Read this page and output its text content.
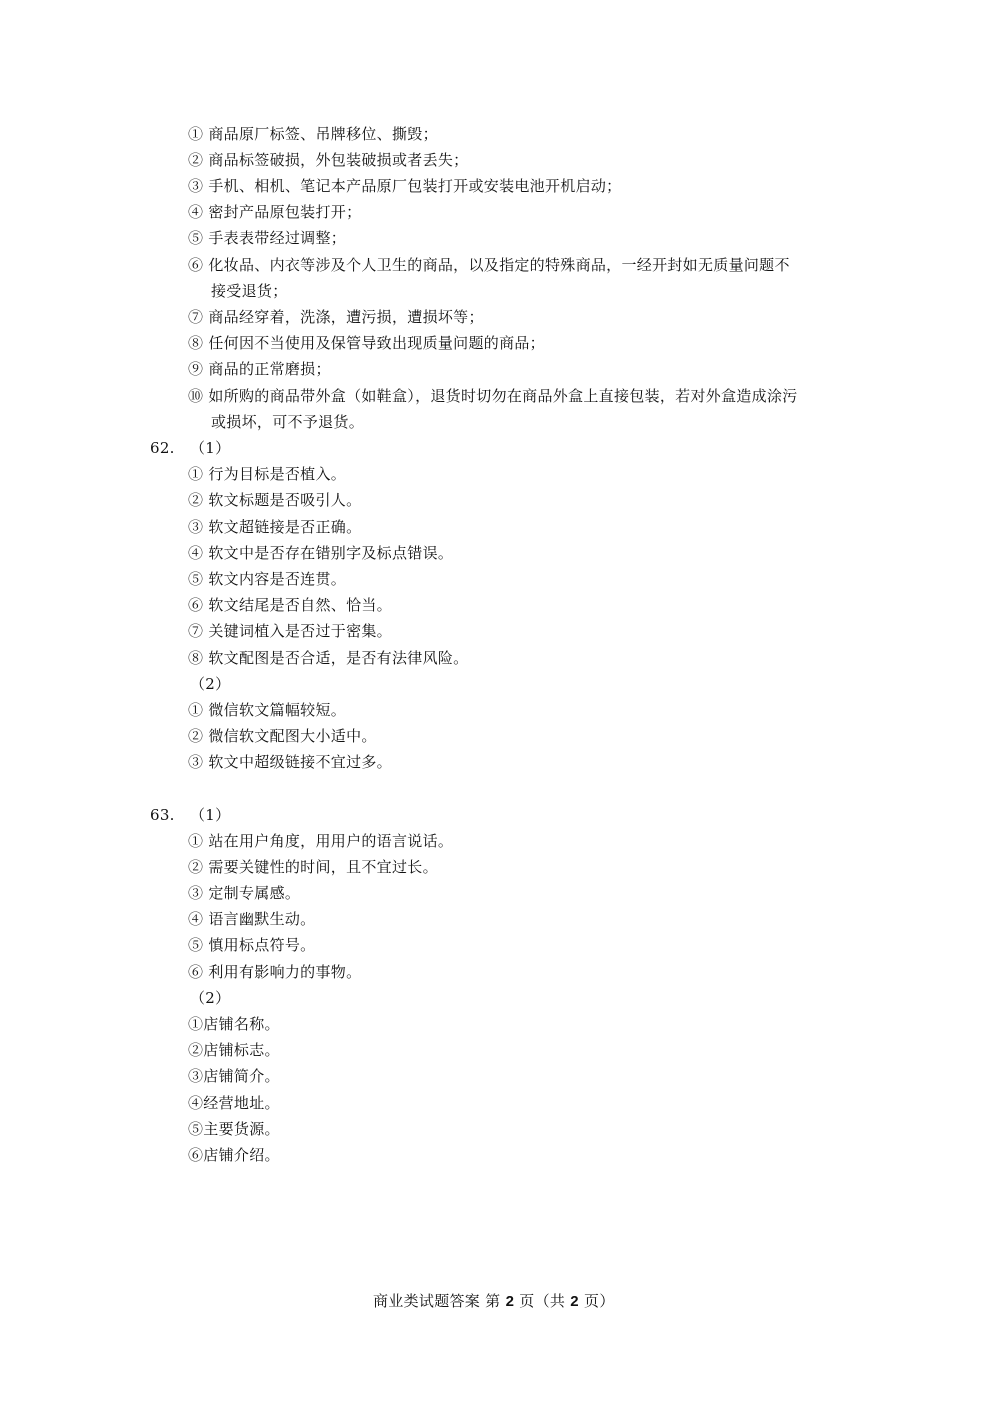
① 商品原厂标签、吊牌移位、撕毁；
② 商品标签破损，外包装破损或者丢失；
③ 手机、相机、笔记本产品原厂包装打开或安装电池开机启动；
④ 密封产品原包装打开；
⑤ 手表表带经过调整；
⑥ 化妆品、内衣等涉及个人卫生的商品，以及指定的特殊商品，一经开封如无质量问题不
接受退货；
⑦ 商品经穿着，洗涤，遭污损，遭损坏等；
⑧ 任何因不当使用及保管导致出现质量问题的商品；
⑨ 商品的正常磨损；
⑩ 如所购的商品带外盒（如鞋盒），退货时切勿在商品外盒上直接包装，若对外盒造成涂污
或损坏，可不予退货。
62. （1）
① 行为目标是否植入。
② 软文标题是否吸引人。
③ 软文超链接是否正确。
④ 软文中是否存在错别字及标点错误。
⑤ 软文内容是否连贯。
⑥ 软文结尾是否自然、恰当。
⑦ 关键词植入是否过于密集。
⑧ 软文配图是否合适，是否有法律风险。
（2）
① 微信软文篇幅较短。
② 微信软文配图大小适中。
③ 软文中超级链接不宜过多。
63. （1）
① 站在用户角度，用用户的语言说话。
② 需要关键性的时间，且不宜过长。
③ 定制专属感。
④ 语言幽默生动。
⑤ 慎用标点符号。
⑥ 利用有影响力的事物。
（2）
①店铺名称。
②店铺标志。
③店铺简介。
④经营地址。
⑤主要货源。
⑥店铺介绍。
商业类试题答案 第 2 页（共 2 页）
